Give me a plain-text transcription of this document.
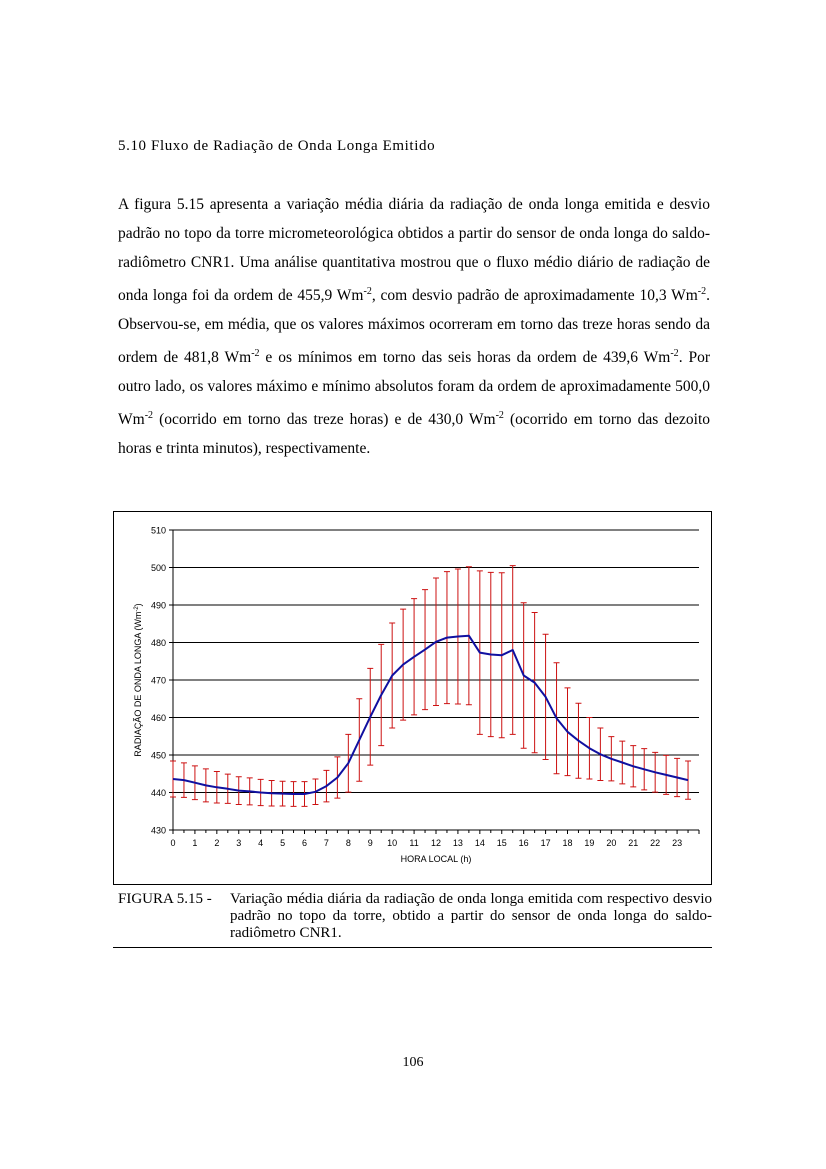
5.10 Fluxo de Radiação de Onda Longa Emitido
A figura 5.15 apresenta a variação média diária da radiação de onda longa emitida e desvio padrão no topo da torre micrometeorológica obtidos a partir do sensor de onda longa do saldo-radiômetro CNR1. Uma análise quantitativa mostrou que o fluxo médio diário de radiação de onda longa foi da ordem de 455,9 $Wm^{-2}$, com desvio padrão de aproximadamente 10,3 $Wm^{-2}$. Observou-se, em média, que os valores máximos ocorreram em torno das treze horas sendo da ordem de 481,8 $Wm^{-2}$ e os mínimos em torno das seis horas da ordem de 439,6 $Wm^{-2}$. Por outro lado, os valores máximo e mínimo absolutos foram da ordem de aproximadamente 500,0 $Wm^{-2}$ (ocorrido em torno das treze horas) e de 430,0 $Wm^{-2}$ (ocorrido em torno das dezoito horas e trinta minutos), respectivamente.
430
440
450
460
470
480
490
500
510
0 1 2 3 4 5 6 7 8 9 10 11 12 13 14 15 16 17 18 19 20 21 22 23
HORA LOCAL (h)
RADIAÇÃO DE ONDA LONGA $(Wm^{-2})$
FIGURA 5.15 - Variação média diária da radiação de onda longa emitida com respectivo desvio padrão no topo da torre, obtido a partir do sensor de onda longa do saldo-radiômetro CNR1.
106
